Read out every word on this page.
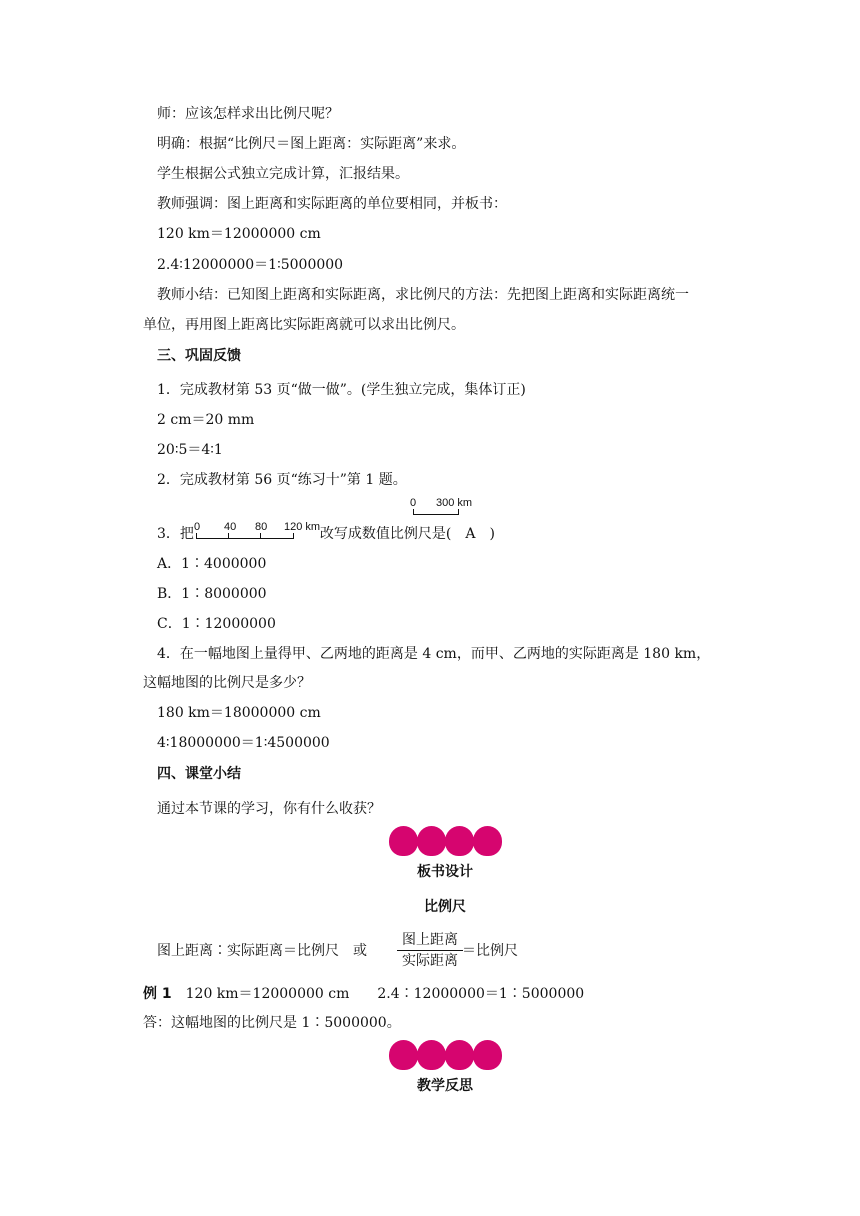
师：应该怎样求出比例尺呢？
明确：根据“比例尺＝图上距离：实际距离”来求。
学生根据公式独立完成计算，汇报结果。
教师强调：图上距离和实际距离的单位要相同，并板书：
120 km＝12000000 cm
2.4∶12000000＝1∶5000000
教师小结：已知图上距离和实际距离，求比例尺的方法：先把图上距离和实际距离统一
单位，再用图上距离比实际距离就可以求出比例尺。
三、巩固反馈
1．完成教材第 53 页“做一做”。(学生独立完成，集体订正)
2 cm＝20 mm
20∶5＝4∶1
2．完成教材第 56 页“练习十”第 1 题。
0 300 km
3．把	改写成数值比例尺是(　A　)
0 40 80 120 km
A．1∶4000000
B．1∶8000000
C．1∶12000000
4．在一幅地图上量得甲、乙两地的距离是 4 cm，而甲、乙两地的实际距离是 180 km，
这幅地图的比例尺是多少？
180 km＝18000000 cm
4∶18000000＝1∶4500000
四、课堂小结
通过本节课的学习，你有什么收获？
板书设计
比例尺
图上距离∶实际距离＝比例尺　或
图上距离
实际距离
＝比例尺
例 1　120 km＝12000000 cm　　2.4∶12000000＝1∶5000000
答：这幅地图的比例尺是 1∶5000000。
教学反思
